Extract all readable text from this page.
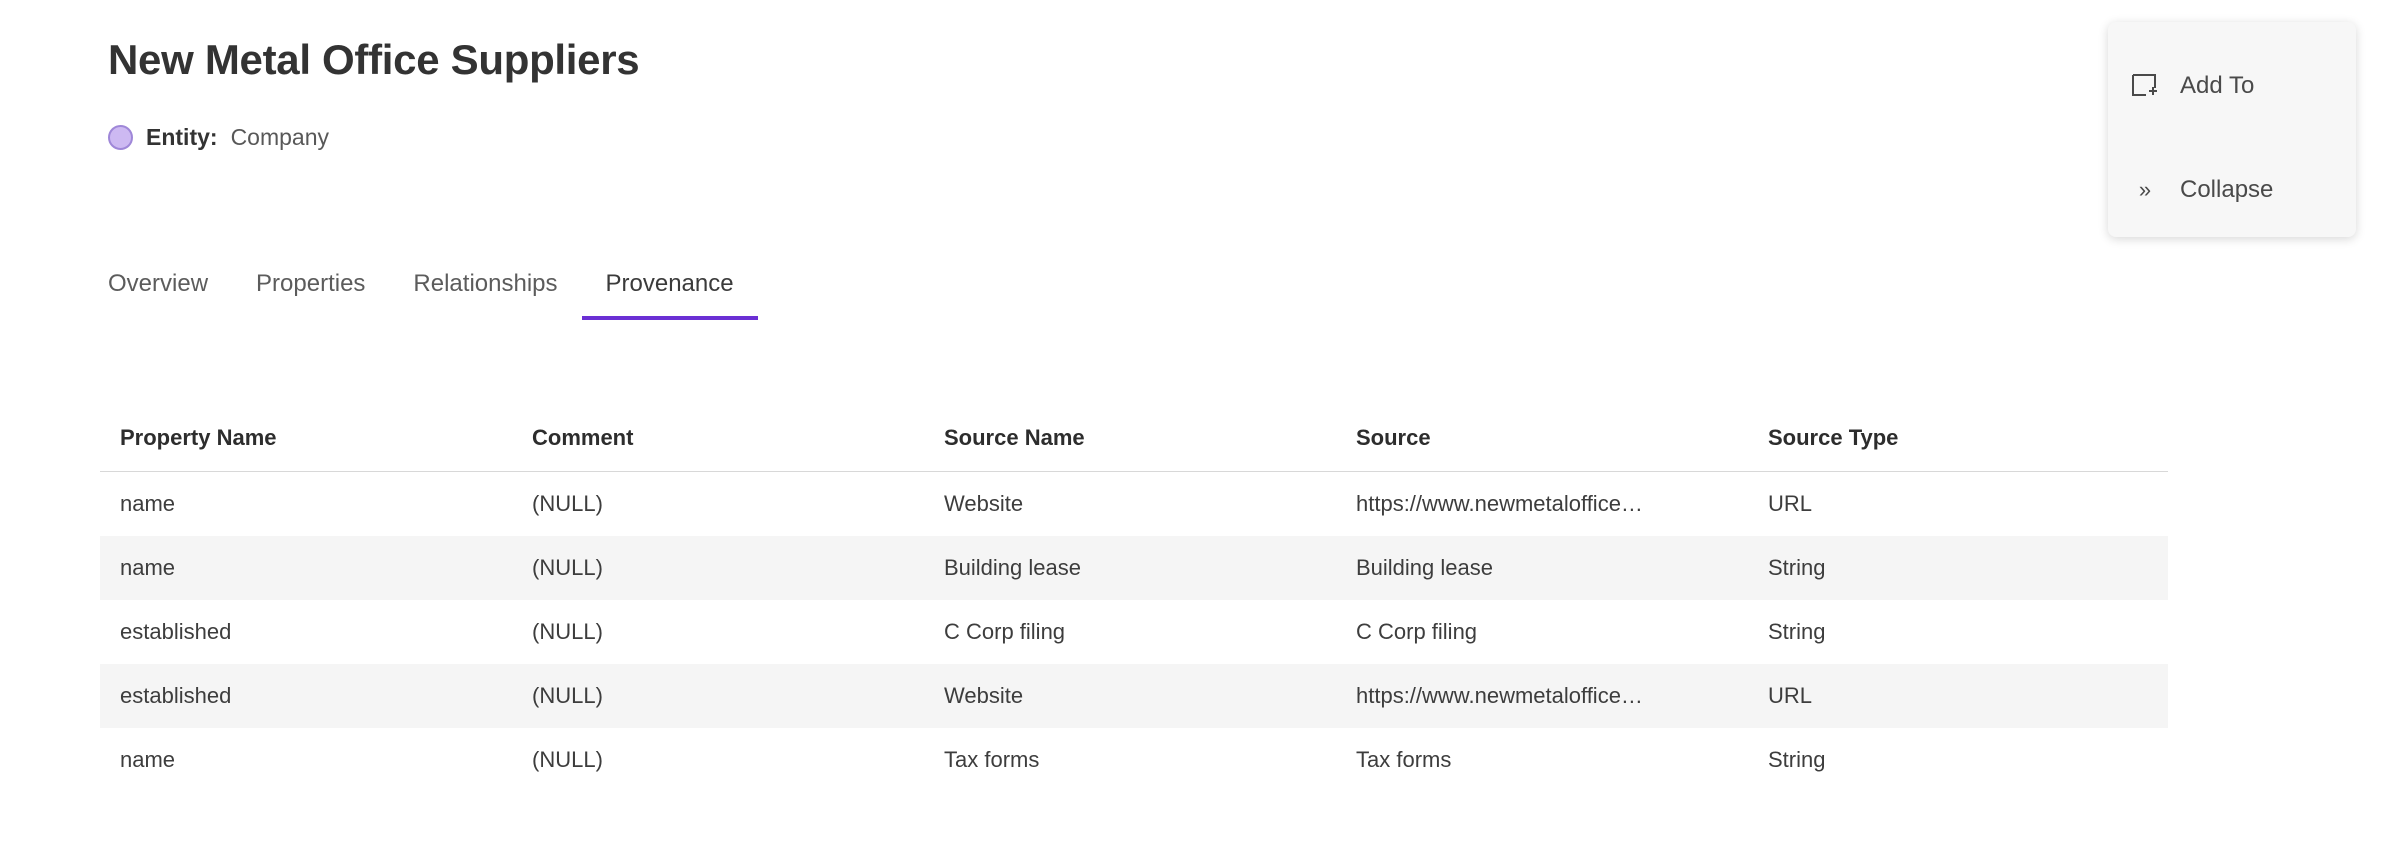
New Metal Office Suppliers
Entity: Company
Overview	Properties	Relationships	Provenance
Property Name	Comment	Source Name	Source	Source Type
name	(NULL)	Website	https://www.newmetaloffice…	URL
name	(NULL)	Building lease	Building lease	String
established	(NULL)	C Corp filing	C Corp filing	String
established	(NULL)	Website	https://www.newmetaloffice…	URL
name	(NULL)	Tax forms	Tax forms	String
Add To
» Collapse
